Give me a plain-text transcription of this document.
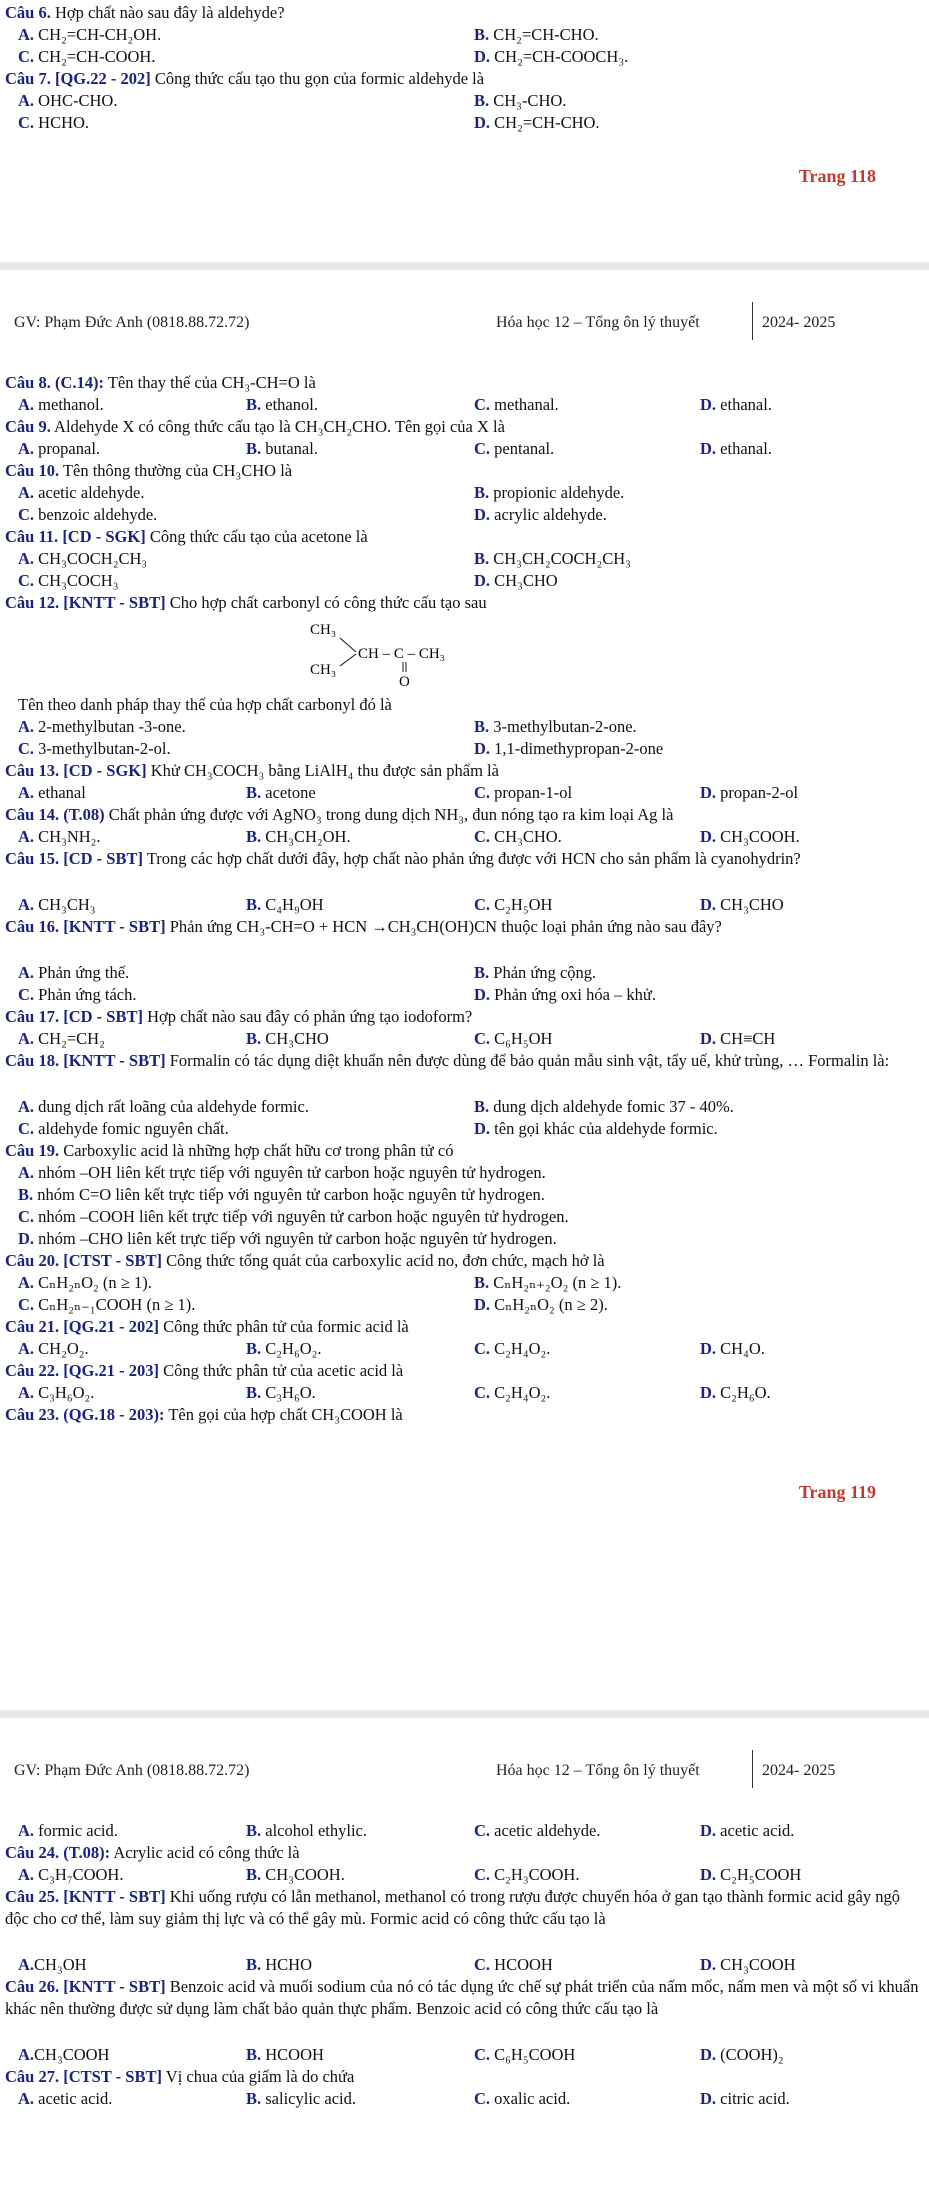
Câu 6. Hợp chất nào sau đây là aldehyde?
A. CH₂=CH-CH₂OH.	B. CH₂=CH-CHO.
C. CH₂=CH-COOH.	D. CH₂=CH-COOCH₃.
Câu 7. [QG.22 - 202] Công thức cấu tạo thu gọn của formic aldehyde là
A. OHC-CHO.	B. CH₃-CHO.
C. HCHO.	D. CH₂=CH-CHO.
Trang 118
GV: Phạm Đức Anh (0818.88.72.72)	Hóa học 12 – Tổng ôn lý thuyết	2024- 2025
Câu 8. (C.14): Tên thay thế của CH₃-CH=O là
A. methanol.	B. ethanol.	C. methanal.	D. ethanal.
Câu 9. Aldehyde X có công thức cấu tạo là CH₃CH₂CHO. Tên gọi của X là
A. propanal.	B. butanal.	C. pentanal.	D. ethanal.
Câu 10. Tên thông thường của CH₃CHO là
A. acetic aldehyde.	B. propionic aldehyde.
C. benzoic aldehyde.	D. acrylic aldehyde.
Câu 11. [CD - SGK] Công thức cấu tạo của acetone là
A. CH₃COCH₂CH₃	B. CH₃CH₂COCH₂CH₃
C. CH₃COCH₃	D. CH₃CHO
Câu 12. [KNTT - SBT] Cho hợp chất carbonyl có công thức cấu tạo sau
CH₃
CH₃
CH – C – CH₃
O
Tên theo danh pháp thay thế của hợp chất carbonyl đó là
A. 2-methylbutan -3-one.	B. 3-methylbutan-2-one.
C. 3-methylbutan-2-ol.	D. 1,1-dimethypropan-2-one
Câu 13. [CD - SGK] Khử CH₃COCH₃ bằng LiAlH₄ thu được sản phẩm là
A. ethanal	B. acetone	C. propan-1-ol	D. propan-2-ol
Câu 14. (T.08) Chất phản ứng được với AgNO₃ trong dung dịch NH₃, đun nóng tạo ra kim loại Ag là
A. CH₃NH₂.	B. CH₃CH₂OH.	C. CH₃CHO.	D. CH₃COOH.
Câu 15. [CD - SBT] Trong các hợp chất dưới đây, hợp chất nào phản ứng được với HCN cho sản phẩm là cyanohydrin?
A. CH₃CH₃	B. C₄H₉OH	C. C₂H₅OH	D. CH₃CHO
Câu 16. [KNTT - SBT] Phản ứng CH₃-CH=O + HCN →CH₃CH(OH)CN thuộc loại phản ứng nào sau đây?
A. Phản ứng thế.	B. Phản ứng cộng.
C. Phản ứng tách.	D. Phản ứng oxi hóa – khử.
Câu 17. [CD - SBT] Hợp chất nào sau đây có phản ứng tạo iodoform?
A. CH₂=CH₂	B. CH₃CHO	C. C₆H₅OH	D. CH≡CH
Câu 18. [KNTT - SBT] Formalin có tác dụng diệt khuẩn nên được dùng để bảo quản mẫu sinh vật, tẩy uế, khử trùng, … Formalin là:
A. dung dịch rất loãng của aldehyde formic.	B. dung dịch aldehyde fomic 37 - 40%.
C. aldehyde fomic nguyên chất.	D. tên gọi khác của aldehyde formic.
Câu 19. Carboxylic acid là những hợp chất hữu cơ trong phân tử có
A. nhóm –OH liên kết trực tiếp với nguyên tử carbon hoặc nguyên tử hydrogen.
B. nhóm C=O liên kết trực tiếp với nguyên tử carbon hoặc nguyên tử hydrogen.
C. nhóm –COOH liên kết trực tiếp với nguyên tử carbon hoặc nguyên tử hydrogen.
D. nhóm –CHO liên kết trực tiếp với nguyên tử carbon hoặc nguyên tử hydrogen.
Câu 20. [CTST - SBT] Công thức tổng quát của carboxylic acid no, đơn chức, mạch hở là
A. CₙH₂ₙO₂ (n ≥ 1).	B. CₙH₂ₙ₊₂O₂ (n ≥ 1).
C. CₙH₂ₙ₋₁COOH (n ≥ 1).	D. CₙH₂ₙO₂ (n ≥ 2).
Câu 21. [QG.21 - 202] Công thức phân tử của formic acid là
A. CH₂O₂.	B. C₂H₆O₂.	C. C₂H₄O₂.	D. CH₄O.
Câu 22. [QG.21 - 203] Công thức phân tử của acetic acid là
A. C₃H₆O₂.	B. C₃H₆O.	C. C₂H₄O₂.	D. C₂H₆O.
Câu 23. (QG.18 - 203): Tên gọi của hợp chất CH₃COOH là
Trang 119
GV: Phạm Đức Anh (0818.88.72.72)	Hóa học 12 – Tổng ôn lý thuyết	2024- 2025
A. formic acid.	B. alcohol ethylic.	C. acetic aldehyde.	D. acetic acid.
Câu 24. (T.08): Acrylic acid có công thức là
A. C₃H₇COOH.	B. CH₃COOH.	C. C₂H₃COOH.	D. C₂H₅COOH
Câu 25. [KNTT - SBT] Khi uống rượu có lẫn methanol, methanol có trong rượu được chuyển hóa ở gan tạo thành formic acid gây ngộ độc cho cơ thể, làm suy giảm thị lực và có thể gây mù. Formic acid có công thức cấu tạo là
A.CH₃OH	B. HCHO	C. HCOOH	D. CH₃COOH
Câu 26. [KNTT - SBT] Benzoic acid và muối sodium của nó có tác dụng ức chế sự phát triển của nấm mốc, nấm men và một số vi khuẩn khác nên thường được sử dụng làm chất bảo quản thực phẩm. Benzoic acid có công thức cấu tạo là
A.CH₃COOH	B. HCOOH	C. C₆H₅COOH	D. (COOH)₂
Câu 27. [CTST - SBT] Vị chua của giấm là do chứa
A. acetic acid.	B. salicylic acid.	C. oxalic acid.	D. citric acid.
